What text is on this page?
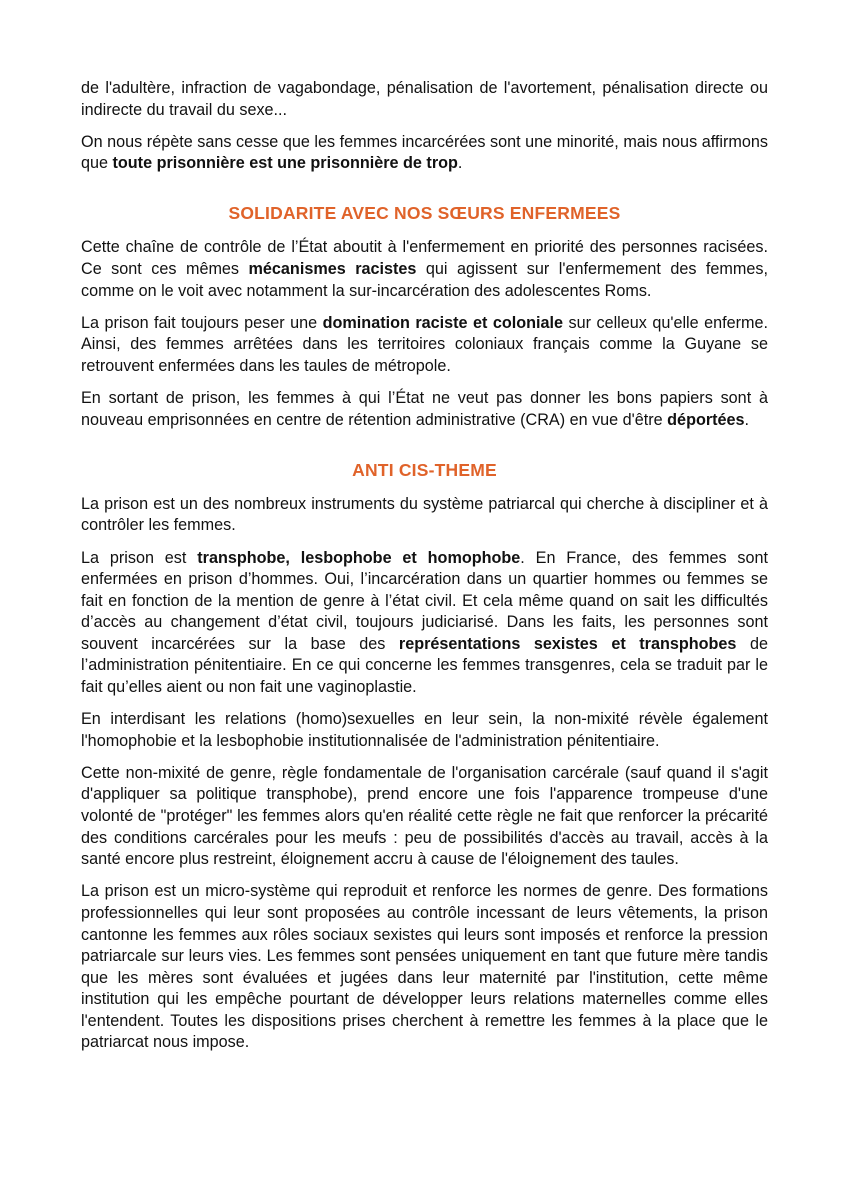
de l'adultère, infraction de vagabondage, pénalisation de l'avortement, pénalisation directe ou indirecte du travail du sexe...

On nous répète sans cesse que les femmes incarcérées sont une minorité, mais nous affirmons que toute prisonnière est une prisonnière de trop.

SOLIDARITE AVEC NOS SŒURS ENFERMEES

Cette chaîne de contrôle de l’État aboutit à l'enfermement en priorité des personnes racisées. Ce sont ces mêmes mécanismes racistes qui agissent sur l'enfermement des femmes, comme on le voit avec notamment la sur-incarcération des adolescentes Roms.

La prison fait toujours peser une domination raciste et coloniale sur celleux qu'elle enferme. Ainsi, des femmes arrêtées dans les territoires coloniaux français comme la Guyane se retrouvent enfermées dans les taules de métropole.

En sortant de prison, les femmes à qui l’État ne veut pas donner les bons papiers sont à nouveau emprisonnées en centre de rétention administrative (CRA) en vue d'être déportées.

ANTI CIS-THEME

La prison est un des nombreux instruments du système patriarcal qui cherche à discipliner et à contrôler les femmes.

La prison est transphobe, lesbophobe et homophobe. En France, des femmes sont enfermées en prison d’hommes. Oui, l’incarcération dans un quartier hommes ou femmes se fait en fonction de la mention de genre à l’état civil. Et cela même quand on sait les difficultés d’accès au changement d’état civil, toujours judiciarisé. Dans les faits, les personnes sont souvent incarcérées sur la base des représentations sexistes et transphobes de l’administration pénitentiaire. En ce qui concerne les femmes transgenres, cela se traduit par le fait qu’elles aient ou non fait une vaginoplastie.

En interdisant les relations (homo)sexuelles en leur sein, la non-mixité révèle également l'homophobie et la lesbophobie institutionnalisée de l'administration pénitentiaire.

Cette non-mixité de genre, règle fondamentale de l'organisation carcérale (sauf quand il s'agit d'appliquer sa politique transphobe), prend encore une fois l'apparence trompeuse d'une volonté de "protéger" les femmes alors qu'en réalité cette règle ne fait que renforcer la précarité des conditions carcérales pour les meufs : peu de possibilités d'accès au travail, accès à la santé encore plus restreint, éloignement accru à cause de l'éloignement des taules.

La prison est un micro-système qui reproduit et renforce les normes de genre. Des formations professionnelles qui leur sont proposées au contrôle incessant de leurs vêtements, la prison cantonne les femmes aux rôles sociaux sexistes qui leurs sont imposés et renforce la pression patriarcale sur leurs vies. Les femmes sont pensées uniquement en tant que future mère tandis que les mères sont évaluées et jugées dans leur maternité par l'institution, cette même institution qui les empêche pourtant de développer leurs relations maternelles comme elles l'entendent. Toutes les dispositions prises cherchent à remettre les femmes à la place que le patriarcat nous impose.
